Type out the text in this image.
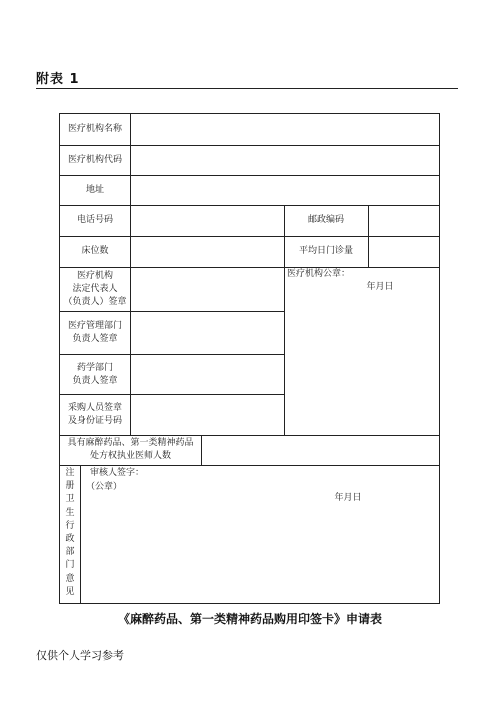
附表 1
医疗机构名称
医疗机构代码
地址
电话号码	邮政编码
床位数	平均日门诊量
医疗机构
法定代表人
（负责人）签章
医疗机构公章：
年月日
医疗管理部门
负责人签章
药学部门
负责人签章
采购人员签章
及身份证号码
具有麻醉药品、第一类精神药品
处方权执业医师人数
注
册
卫
生
行
政
部
门
意
见
审核人签字：
（公章）
年月日
《麻醉药品、第一类精神药品购用印签卡》申请表
仅供个人学习参考
